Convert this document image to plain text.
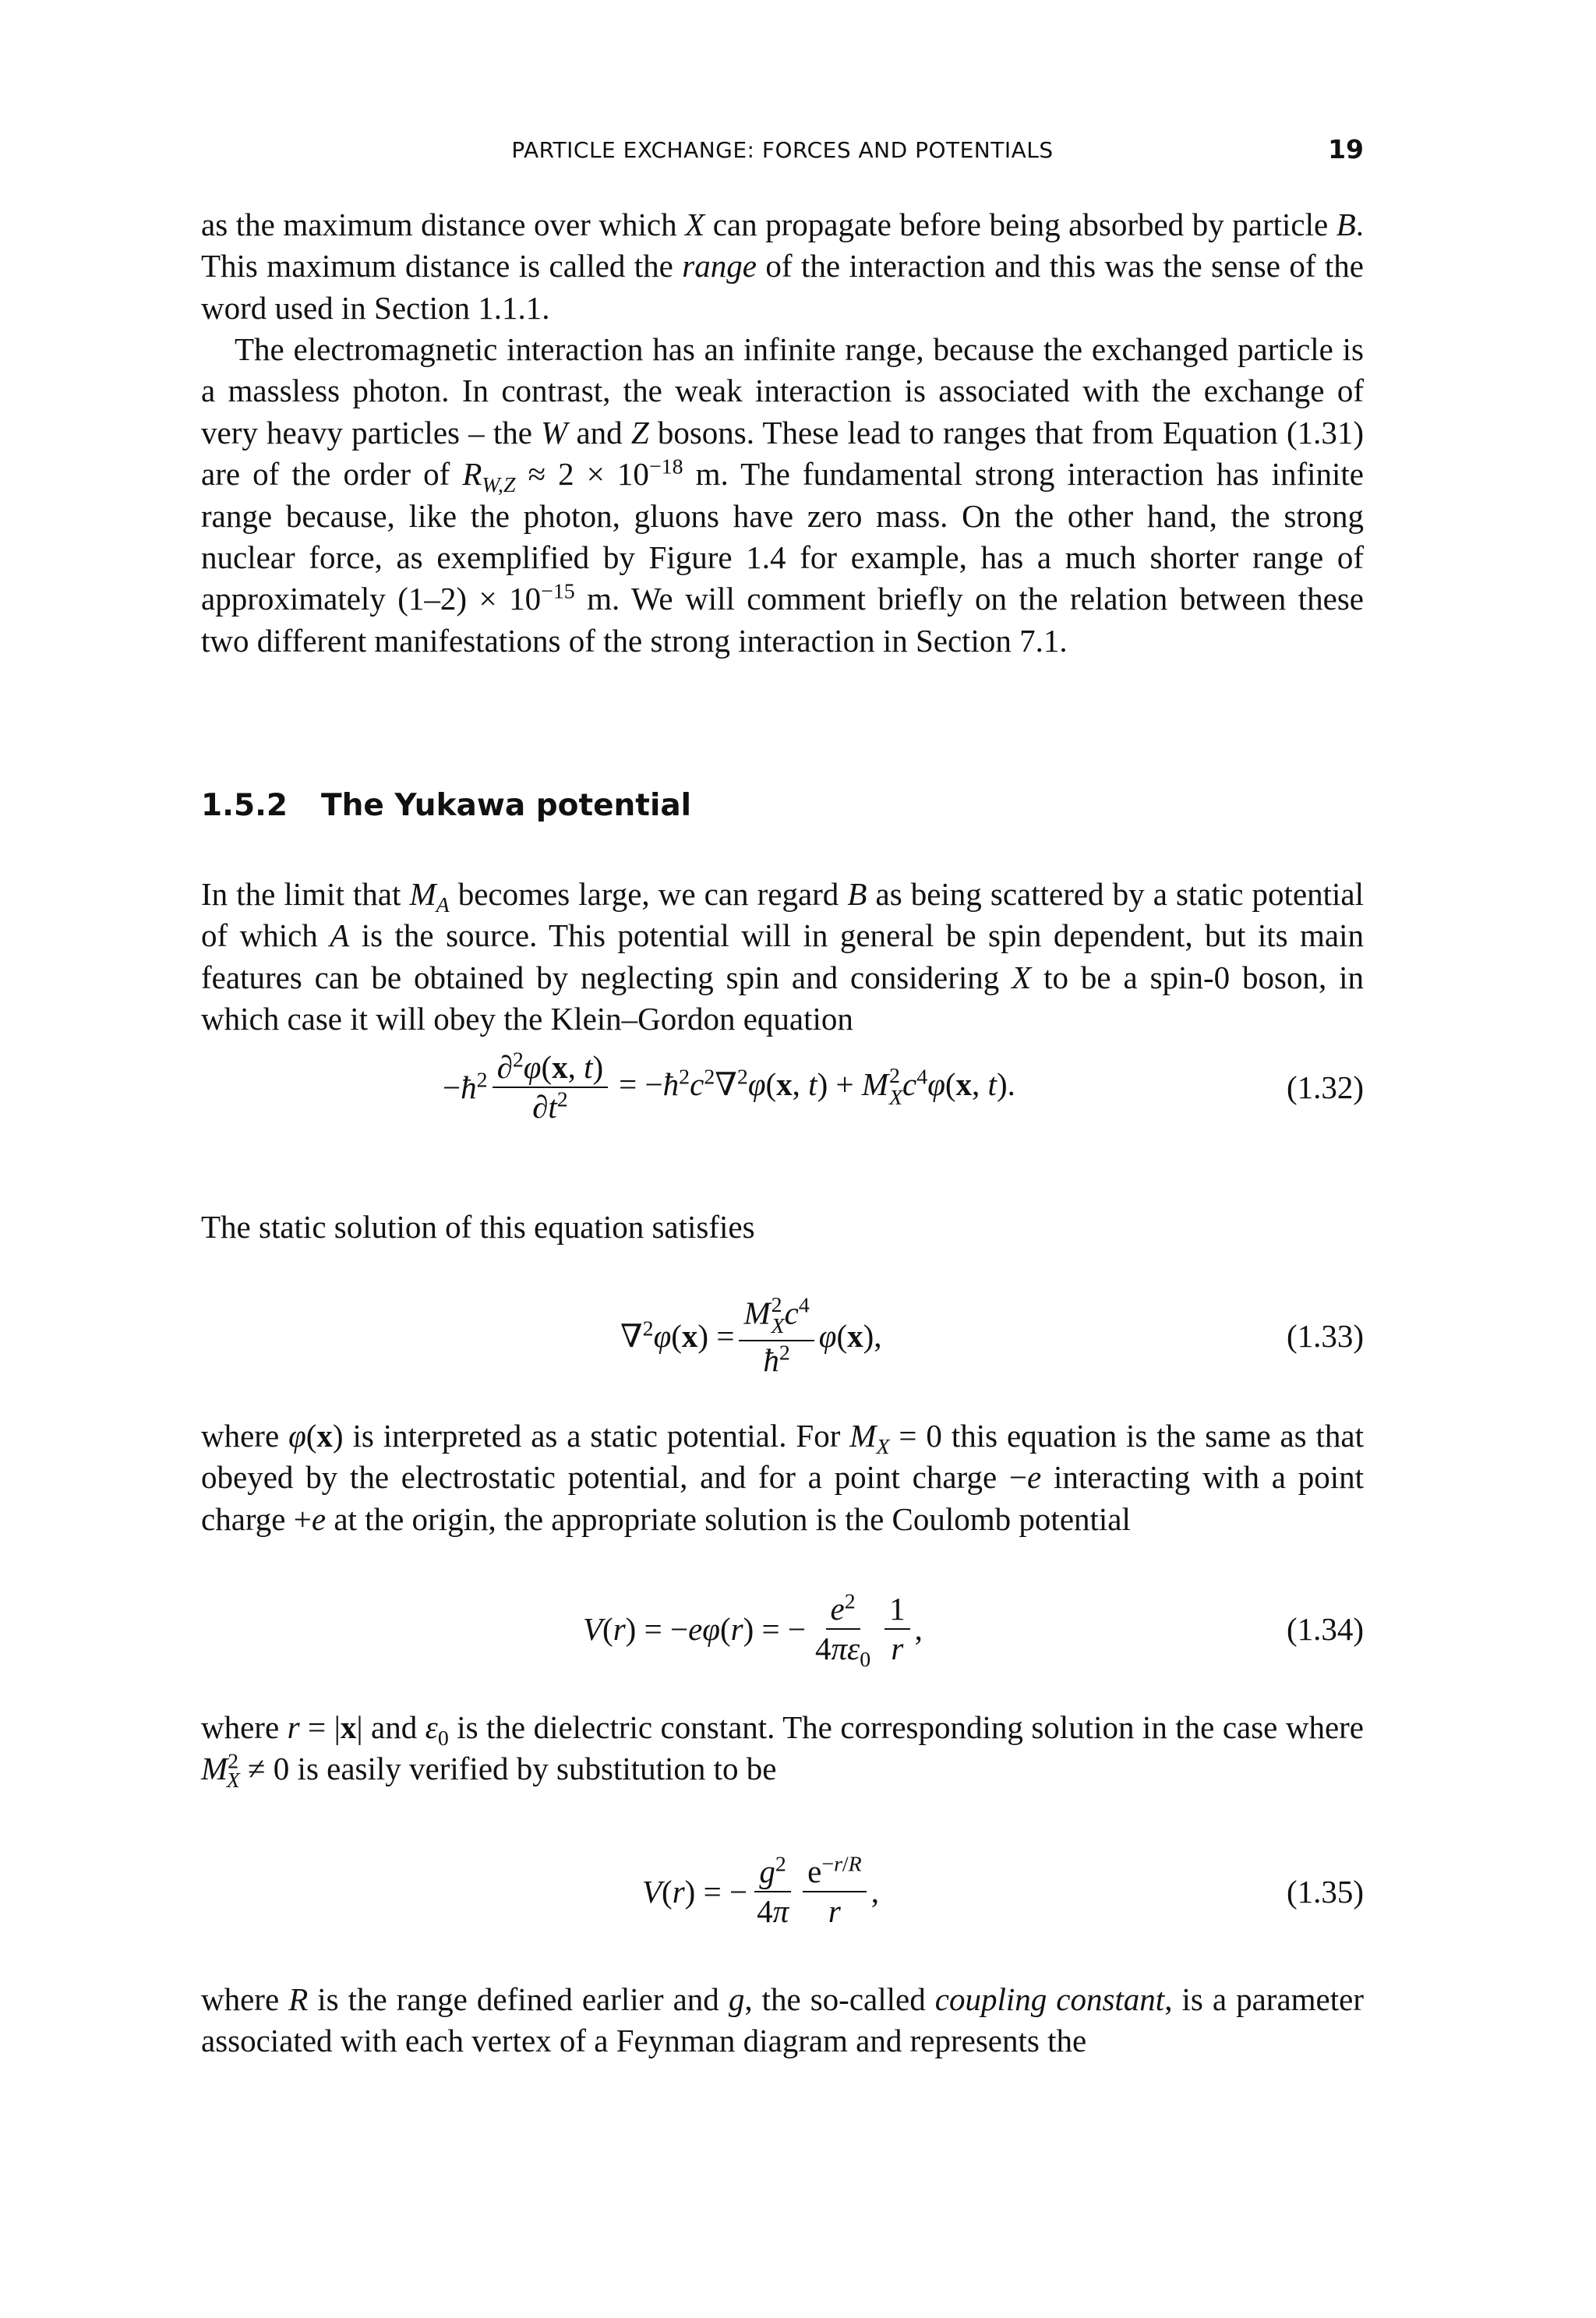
PARTICLE EXCHANGE: FORCES AND POTENTIALS	19

as the maximum distance over which X can propagate before being absorbed by particle B. This maximum distance is called the range of the interaction and this was the sense of the word used in Section 1.1.1.

The electromagnetic interaction has an infinite range, because the exchanged particle is a massless photon. In contrast, the weak interaction is associated with the exchange of very heavy particles – the W and Z bosons. These lead to ranges that from Equation (1.31) are of the order of $R_{W,Z} \approx 2 \times 10^{-18}$ m. The fundamental strong interaction has infinite range because, like the photon, gluons have zero mass. On the other hand, the strong nuclear force, as exemplified by Figure 1.4 for example, has a much shorter range of approximately $(1-2) \times 10^{-15}$ m. We will comment briefly on the relation between these two different manifestations of the strong interaction in Section 7.1.

1.5.2 The Yukawa potential

In the limit that $M_A$ becomes large, we can regard B as being scattered by a static potential of which A is the source. This potential will in general be spin dependent, but its main features can be obtained by neglecting spin and considering X to be a spin-0 boson, in which case it will obey the Klein–Gordon equation

$-ħ^2 \frac{\partial^2\varphi(x, t)}{\partial t^2}$ = $-ħ^2c^2\nabla^2\varphi(x$, t) + M 2
X $c^4\varphi(x$, t).	(1.32)

The static solution of this equation satisfies

∇$^2$φ(x) = M 2
X $c^4$
$ħ^2$ φ(x),	(1.33)

where φ(x) is interpreted as a static potential. For $M_X = 0$ this equation is the same as that obeyed by the electrostatic potential, and for a point charge −e interacting with a point charge +e at the origin, the appropriate solution is the Coulomb potential

V(r) = −eφ(r) = − $\frac{e^2}{4\pi\varepsilon_0} \frac{1}{r}$ ,	(1.34)

where r = |x| and $\varepsilon_0$ is the dielectric constant. The corresponding solution in the case where $M^2_X \ne 0$ is easily verified by substitution to be

V(r) = − $\frac{g^2}{4\pi} \frac{e^{-r/R}}{r}$ ,	(1.35)

where R is the range defined earlier and g, the so-called coupling constant, is a parameter associated with each vertex of a Feynman diagram and represents the
